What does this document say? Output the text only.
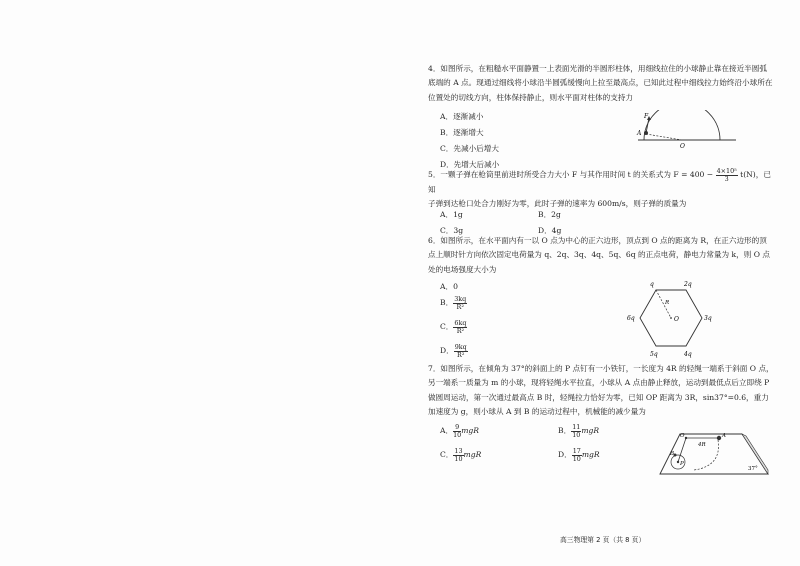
4．如图所示，在粗糙水平面静置一上表面光滑的半圆形柱体，用细线拉住的小球静止靠在接近半圆弧底端的 A 点。现通过细线将小球沿半圆弧缓慢向上拉至最高点，已知此过程中细线拉力始终沿小球所在位置处的切线方向，柱体保持静止，则水平面对柱体的支持力

A．逐渐减小
B．逐渐增大
C．先减小后增大
D．先增大后减小
F
A
O

5．一颗子弹在枪筒里前进时所受合力大小 F 与其作用时间 t 的关系式为 $F = 400 - \frac{\text{4×10⁵}}{3} t(N)$，已知

子弹到达枪口处合力刚好为零，此时子弹的速率为 600m/s，则子弹的质量为

A．1g	B．2g
C．3g	D．4g

6．如图所示，在水平面内有一以 O 点为中心的正六边形，顶点到 O 点的距离为 R，在正六边形的顶点上顺时针方向依次固定电荷量为 q、2q、3q、4q、5q、6q 的正点电荷，静电力常量为 k，则 O 点处的电场强度大小为

A．0
B． $\frac{3kq}{\text{R²}}$
C． $\frac{6kq}{\text{R²}}$
D． $\frac{9kq}{\text{R²}}$
q	2q
3q
4q
5q
6q
R
O

7．如图所示，在倾角为 37°的斜面上的 P 点钉有一小铁钉，一长度为 4R 的轻绳一端系于斜面 O 点，另一端系一质量为 m 的小球，现将轻绳水平拉直，小球从 A 点由静止释放，运动到最低点后立即绕 P 做圆周运动，第一次通过最高点 B 时，轻绳拉力恰好为零，已知 OP 距离为 3R，sin37°=0.6，重力加速度为 g，则小球从 A 到 B 的运动过程中，机械能的减少量为

A． $\frac{9}{10}$ mgR	B． $\frac{11}{10}$ mgR
C． $\frac{13}{10}$ mgR	D． $\frac{17}{10}$ mgR
O	A
B
P
4R
37°
高三物理第 2 页（共 8 页）
